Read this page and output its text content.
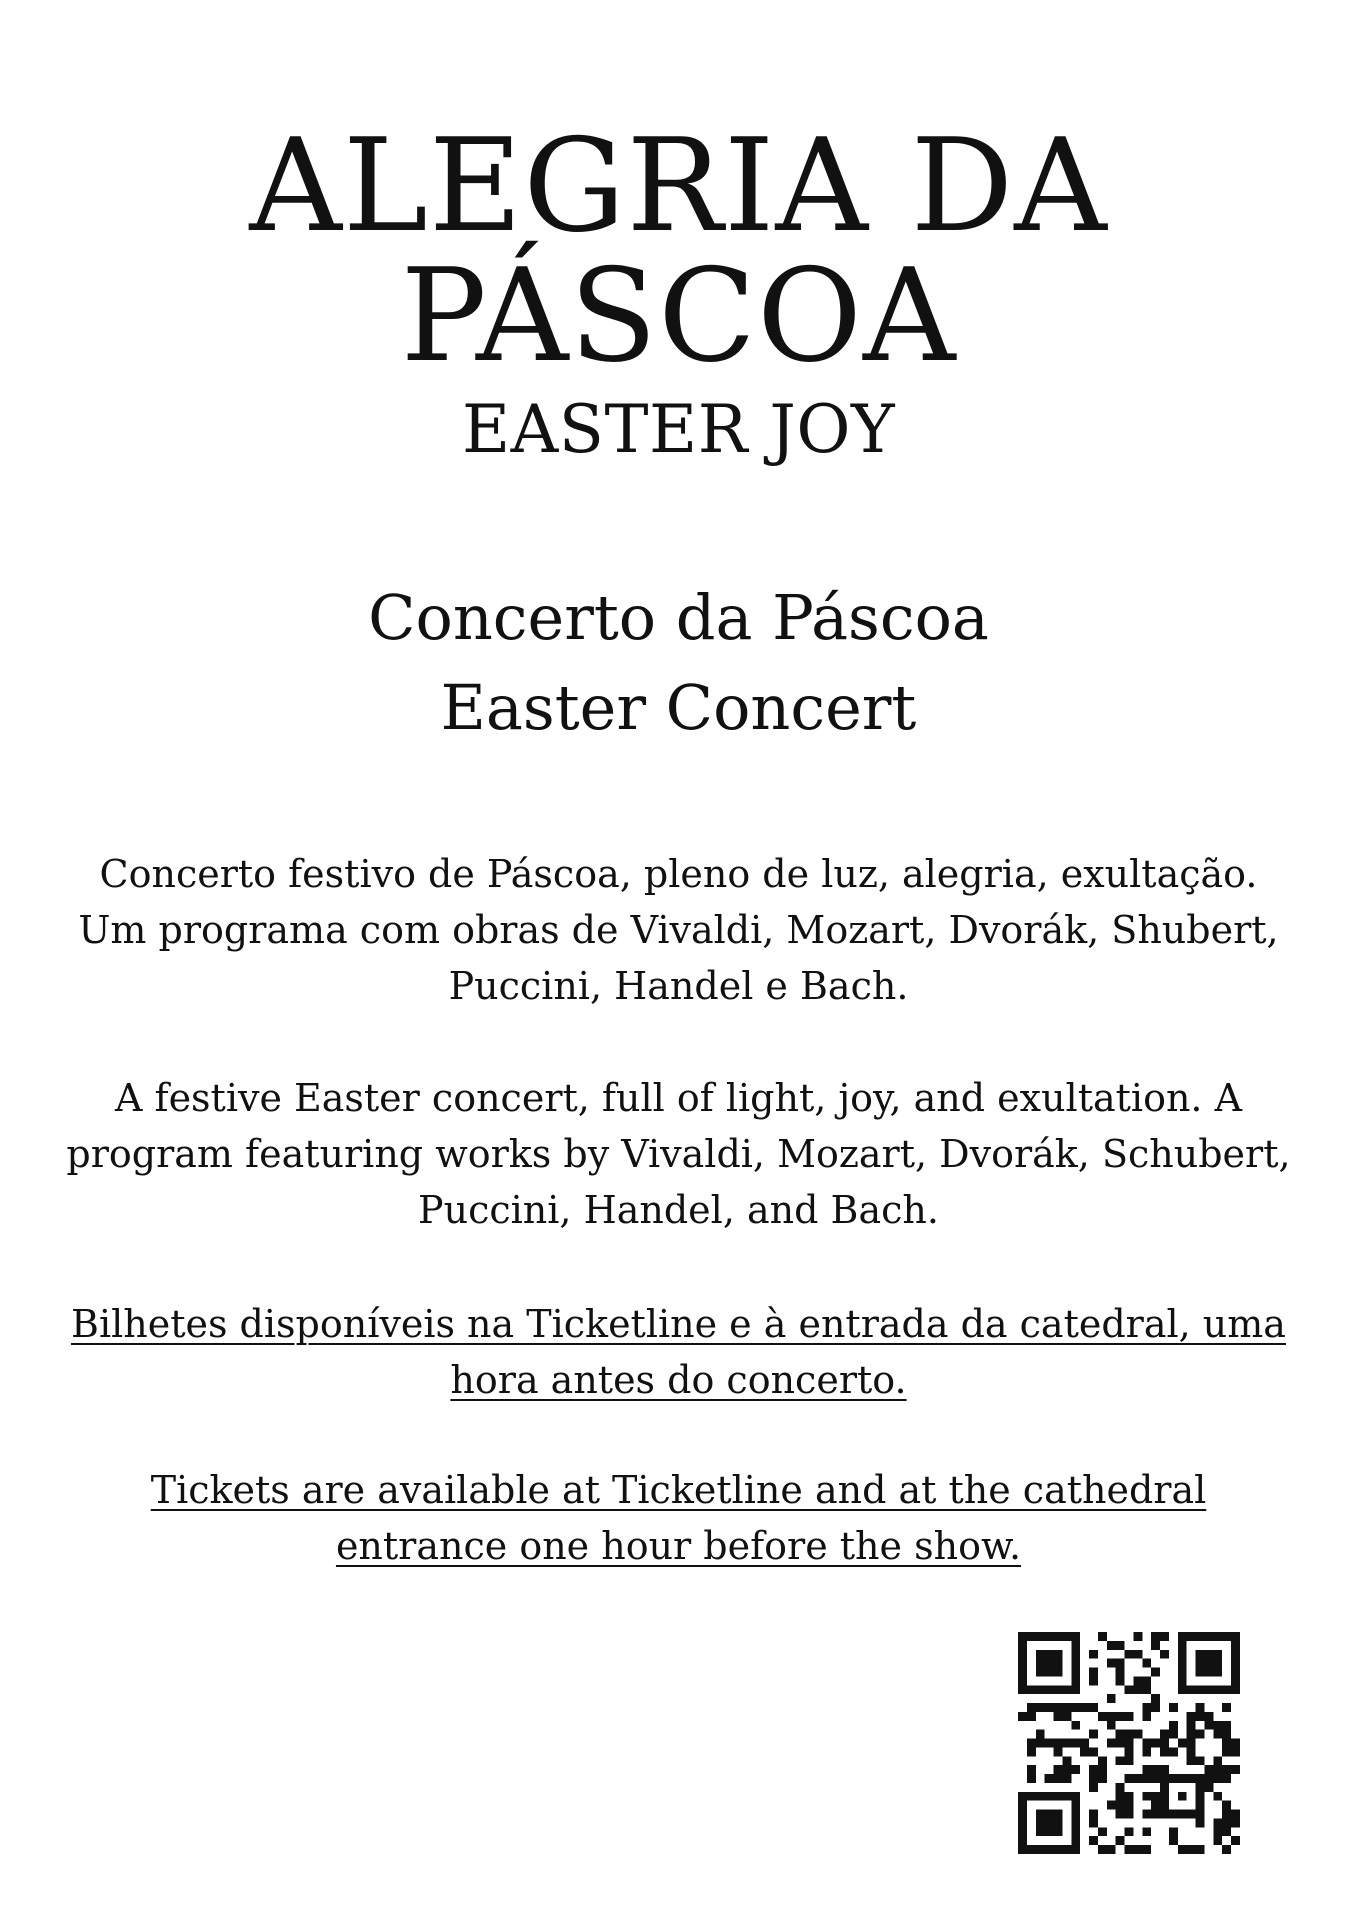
ALEGRIA DA
PÁSCOA
EASTER JOY
Concerto da Páscoa
Easter Concert

Concerto festivo de Páscoa, pleno de luz, alegria, exultação. Um programa com obras de Vivaldi, Mozart, Dvorák, Shubert, Puccini, Handel e Bach.

A festive Easter concert, full of light, joy, and exultation. A program featuring works by Vivaldi, Mozart, Dvorák, Schubert, Puccini, Handel, and Bach.

Bilhetes disponíveis na Ticketline e à entrada da catedral, uma hora antes do concerto.

Tickets are available at Ticketline and at the cathedral entrance one hour before the show.
